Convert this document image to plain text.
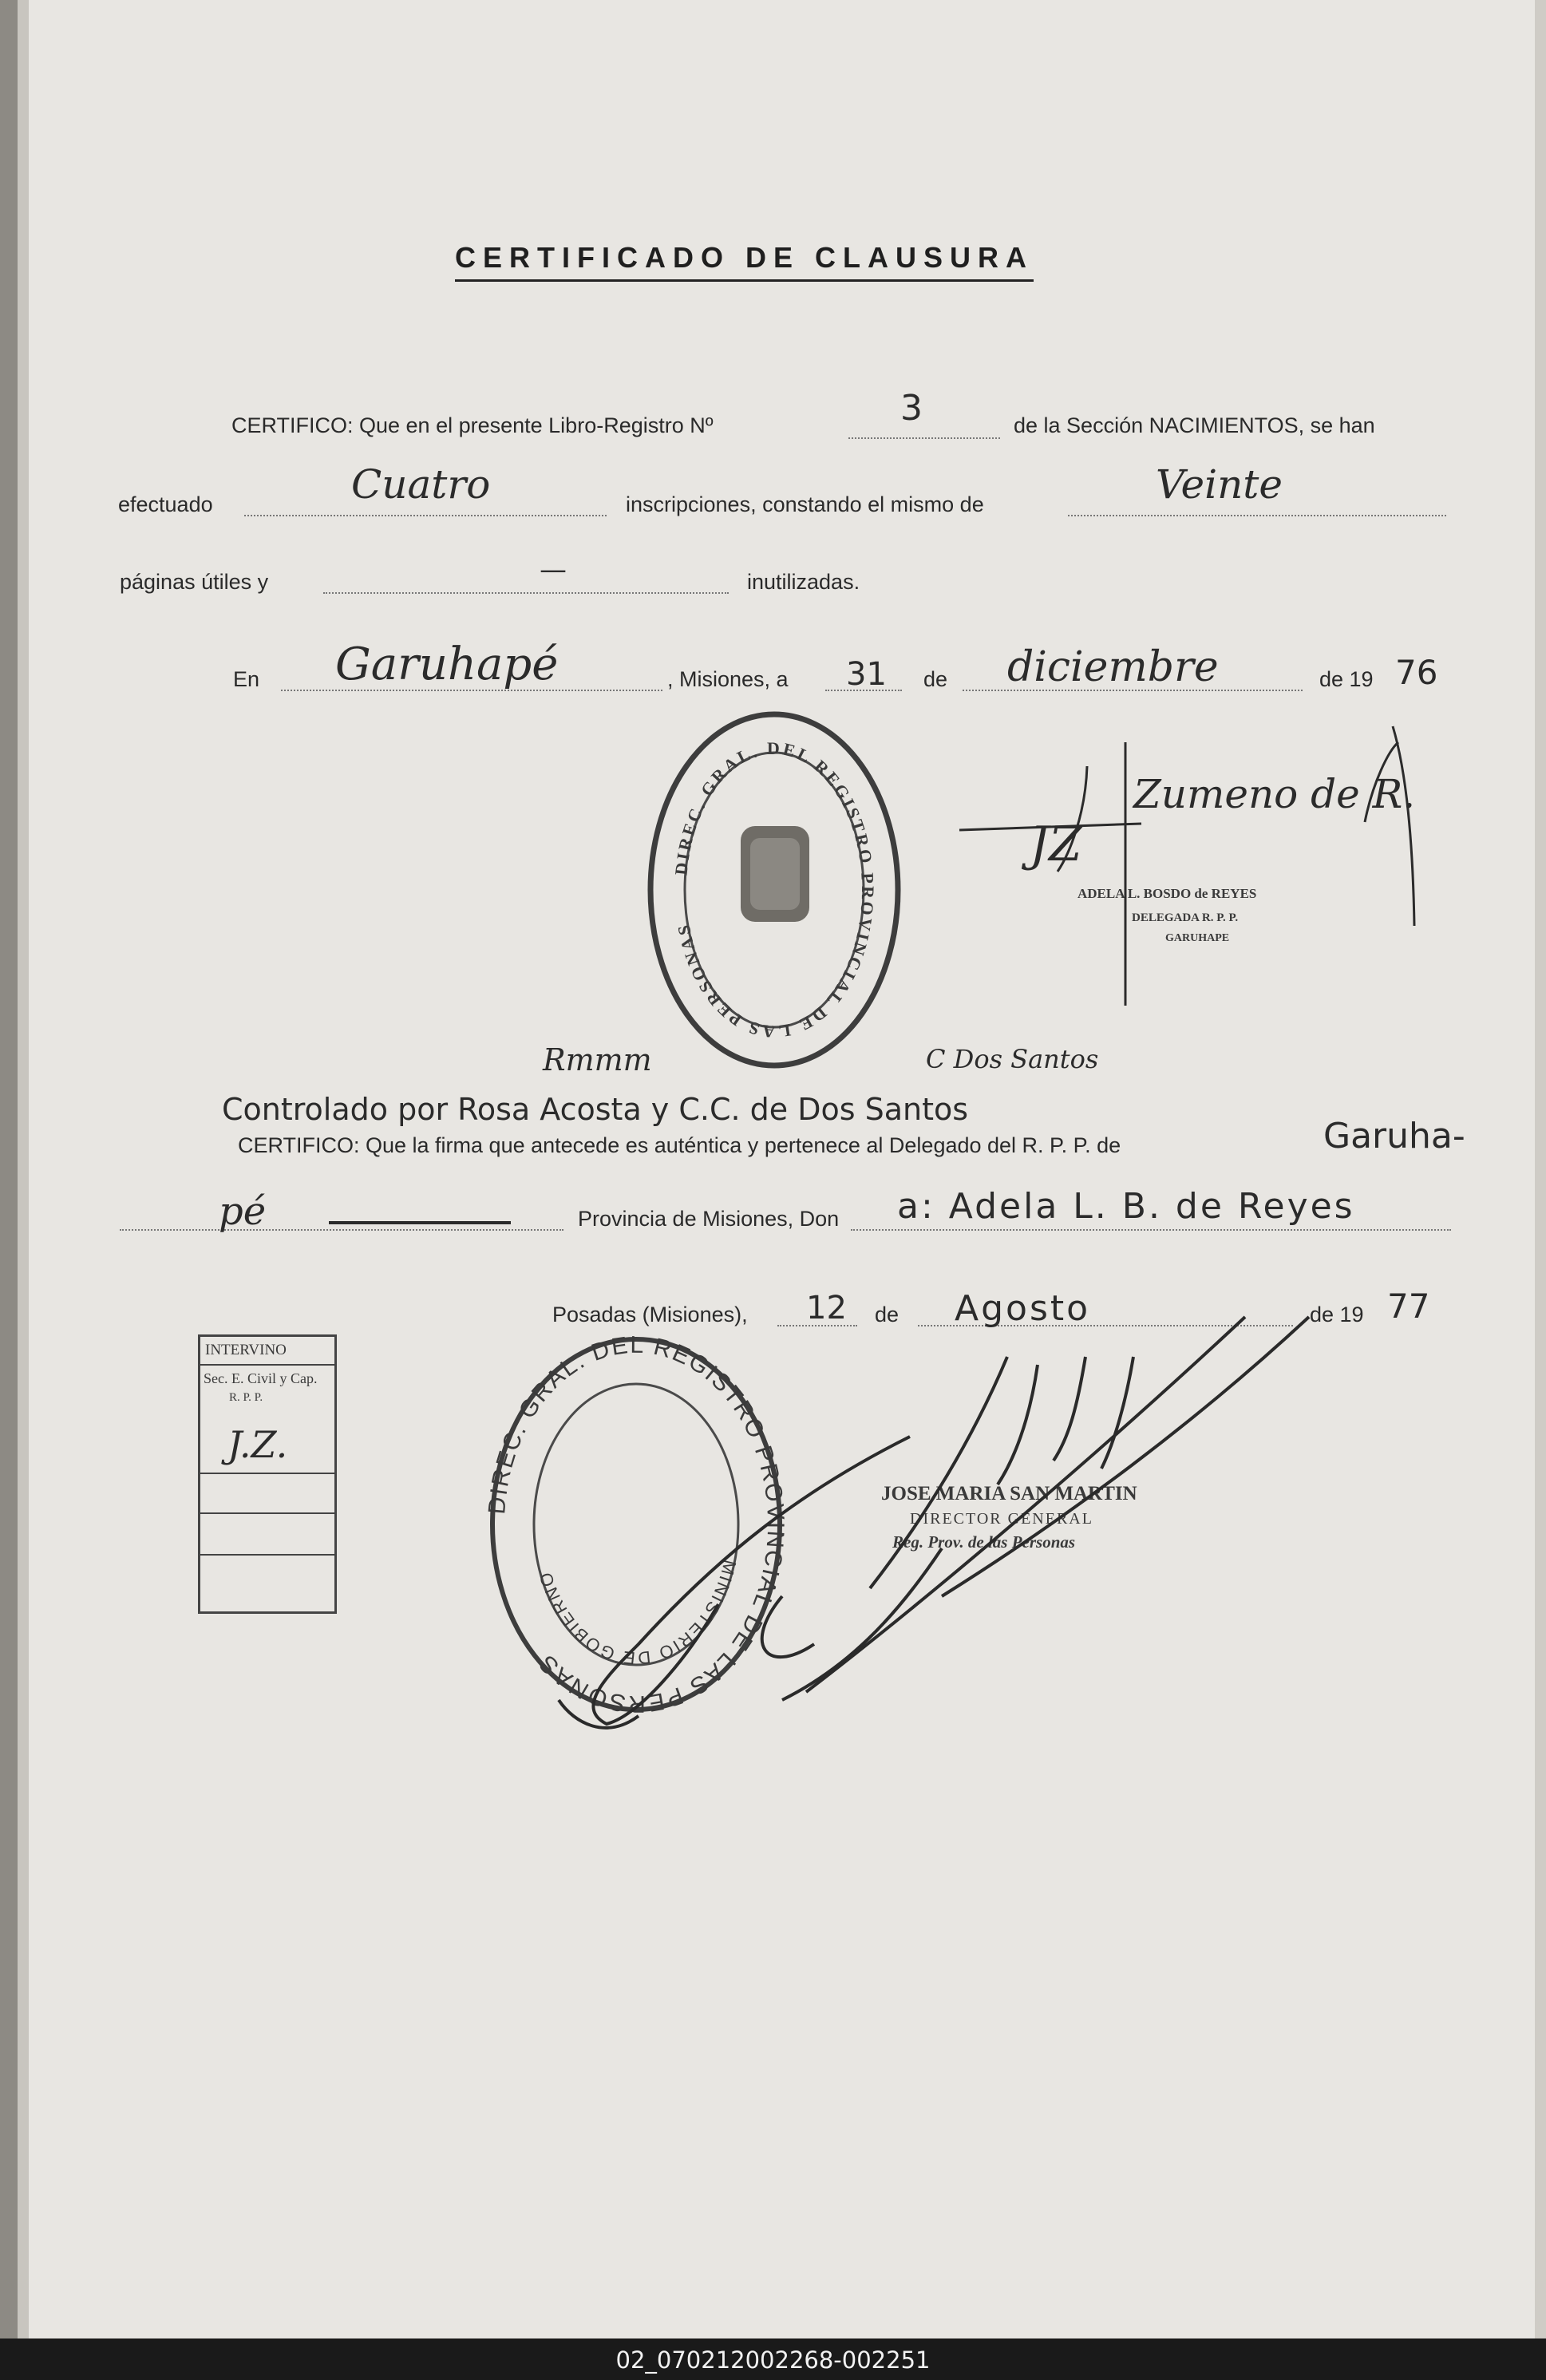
CERTIFICADO DE CLAUSURA
CERTIFICO: Que en el presente Libro-Registro Nº	3	de la Sección NACIMIENTOS, se han
efectuado	Cuatro	inscripciones, constando el mismo de	Veinte
páginas útiles y	—	inutilizadas.
En Garuhapé	, Misiones, a 31 de diciembre	de 19 76
Zumeno de R.
ADELA L. BOSDO de REYES
DELEGADA R. P. P.
GARUHAPE
Controlado por Rosa Acosta y C.C. de Dos Santos
Rmmm	C Dos Santos
CERTIFICO: Que la firma que antecede es auténtica y pertenece al Delegado del R. P. P. de	Garuha-
pé	Provincia de Misiones, Don a: Adela L. B. de Reyes
Posadas (Misiones), 12 de Agosto	de 19 77
JOSE MARIA SAN MARTIN
DIRECTOR GENERAL
Reg. Prov. de las Personas
INTERVINO
Sec. E. Civil y Cap.
R. P. P.
J.Z.
DIREC. GRAL. DEL REGISTRO PROVINCIAL DE LAS PERSONAS
JZ
DIREC. GRAL. DEL REGISTRO PROVINCIAL DE LAS PERSONAS
MINISTERIO DE GOBIERNO
02_070212002268-002251
